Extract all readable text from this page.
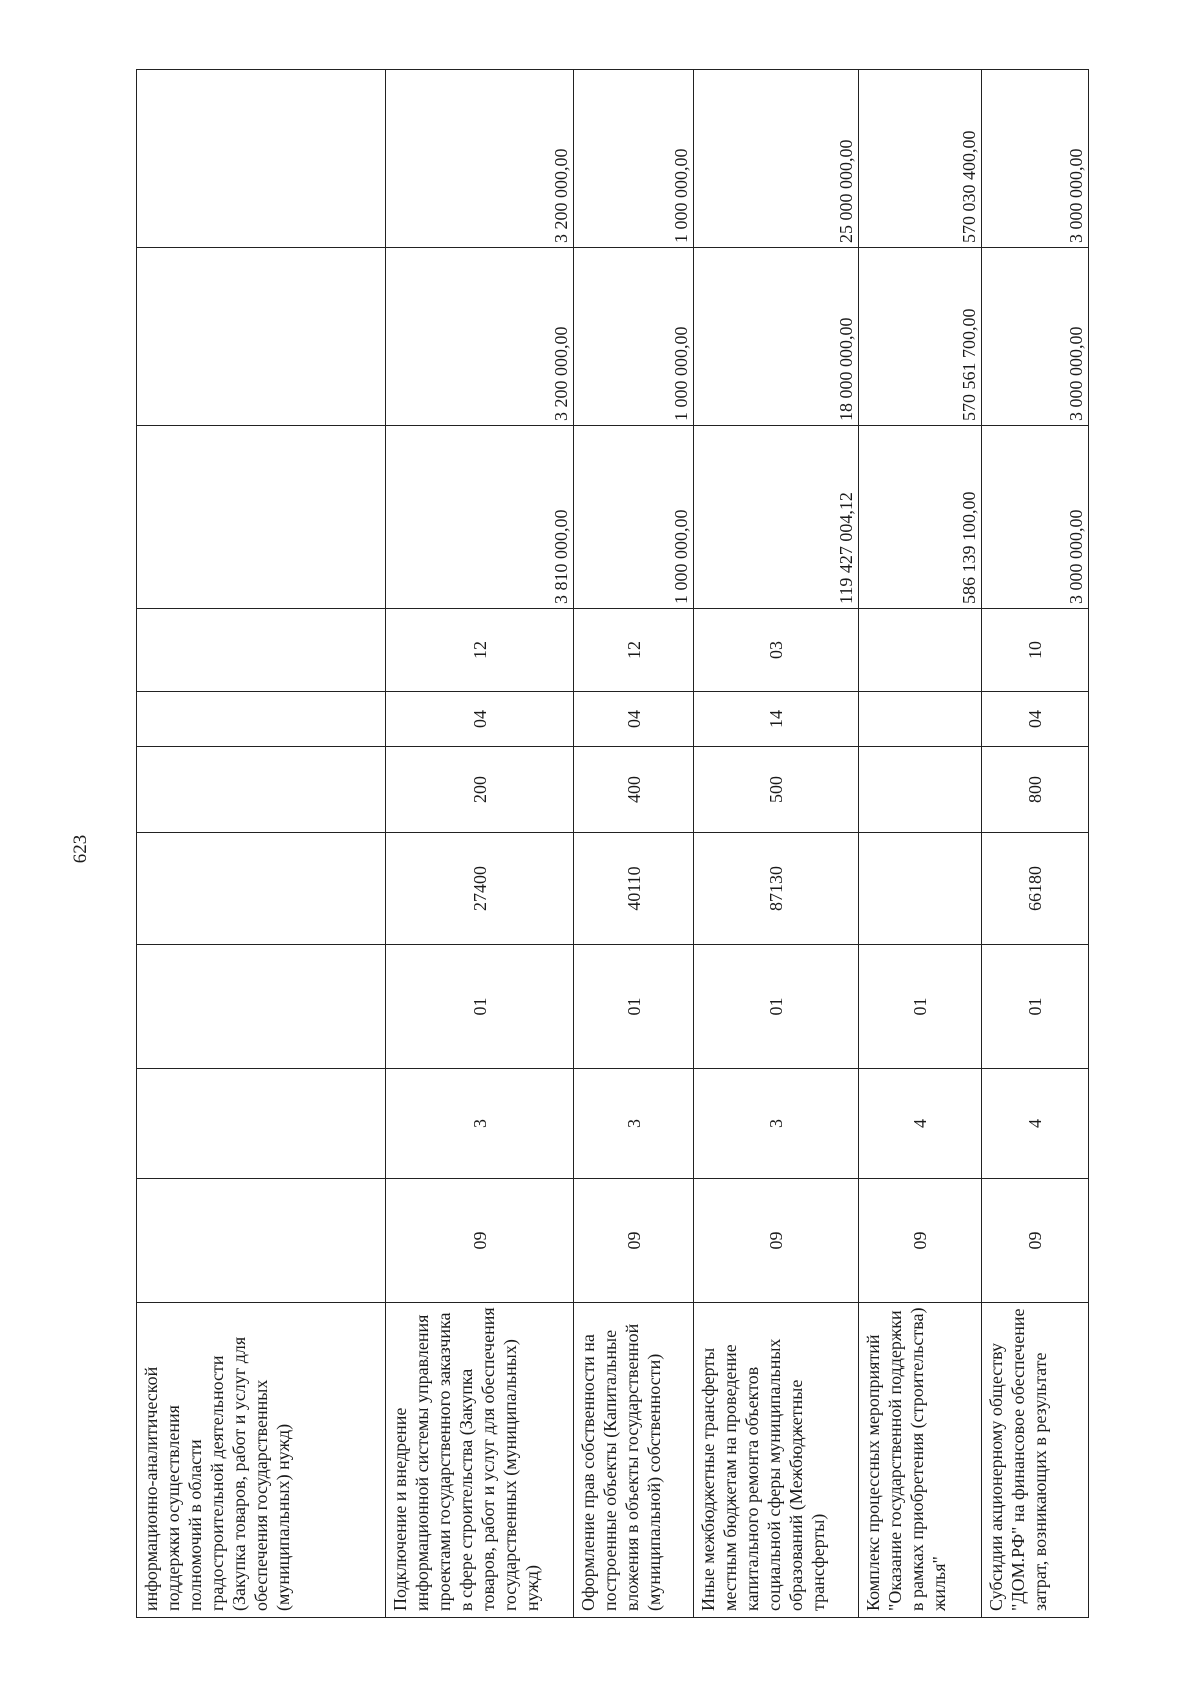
623
информационно-аналитической поддержки осуществления полномочий в области градостроительной деятельности (Закупка товаров, работ и услуг для обеспечения государственных (муниципальных) нужд)										
Подключение и внедрение информационной системы управления проектами государственного заказчика в сфере строительства (Закупка товаров, работ и услуг для обеспечения государственных (муниципальных) нужд)	09	3	01	27400	200	04	12	3 810 000,00	3 200 000,00	3 200 000,00
Оформление прав собственности на построенные объекты (Капитальные вложения в объекты государственной (муниципальной) собственности)	09	3	01	40110	400	04	12	1 000 000,00	1 000 000,00	1 000 000,00
Иные межбюджетные трансферты местным бюджетам на проведение капитального ремонта объектов социальной сферы муниципальных образований (Межбюджетные трансферты)	09	3	01	87130	500	14	03	119 427 004,12	18 000 000,00	25 000 000,00
Комплекс процессных мероприятий "Оказание государственной поддержки в рамках приобретения (строительства) жилья"	09	4	01					586 139 100,00	570 561 700,00	570 030 400,00
Субсидии акционерному обществу "ДОМ.РФ" на финансовое обеспечение затрат, возникающих в результате	09	4	01	66180	800	04	10	3 000 000,00	3 000 000,00	3 000 000,00
